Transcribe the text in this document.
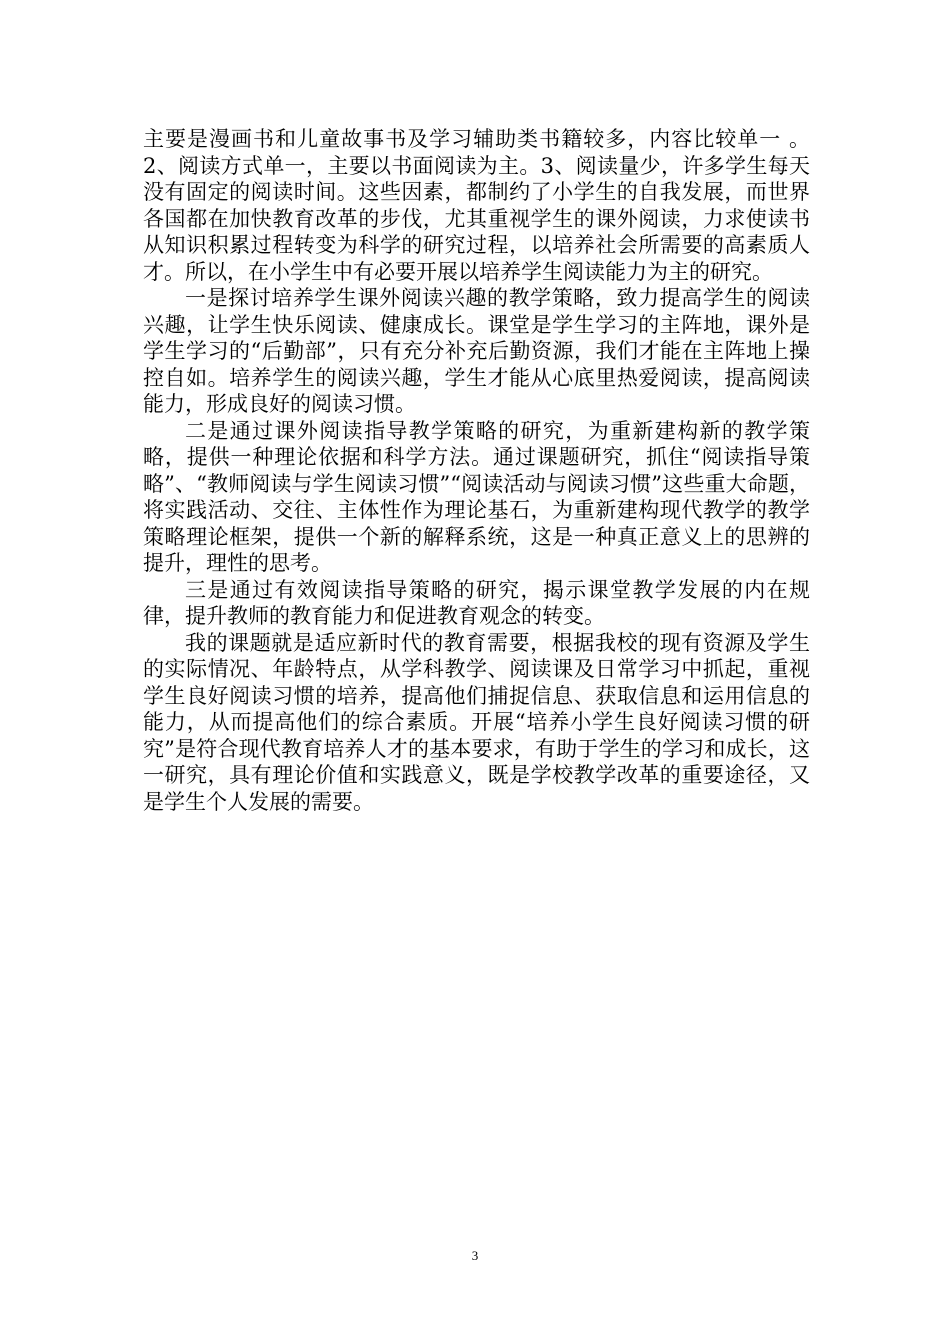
主要是漫画书和儿童故事书及学习辅助类书籍较多，内容比较单一 。2、阅读方式单一，主要以书面阅读为主。3、阅读量少，许多学生每天没有固定的阅读时间。这些因素，都制约了小学生的自我发展，而世界各国都在加快教育改革的步伐，尤其重视学生的课外阅读，力求使读书从知识积累过程转变为科学的研究过程，以培养社会所需要的高素质人才。所以，在小学生中有必要开展以培养学生阅读能力为主的研究。

一是探讨培养学生课外阅读兴趣的教学策略，致力提高学生的阅读兴趣，让学生快乐阅读、健康成长。课堂是学生学习的主阵地，课外是学生学习的“后勤部”，只有充分补充后勤资源，我们才能在主阵地上操控自如。培养学生的阅读兴趣，学生才能从心底里热爱阅读，提高阅读能力，形成良好的阅读习惯。

二是通过课外阅读指导教学策略的研究，为重新建构新的教学策略，提供一种理论依据和科学方法。通过课题研究，抓住“阅读指导策略”、“教师阅读与学生阅读习惯”“阅读活动与阅读习惯”这些重大命题，将实践活动、交往、主体性作为理论基石，为重新建构现代教学的教学策略理论框架，提供一个新的解释系统，这是一种真正意义上的思辨的提升，理性的思考。

三是通过有效阅读指导策略的研究，揭示课堂教学发展的内在规律，提升教师的教育能力和促进教育观念的转变。

我的课题就是适应新时代的教育需要，根据我校的现有资源及学生的实际情况、年龄特点，从学科教学、阅读课及日常学习中抓起，重视学生良好阅读习惯的培养，提高他们捕捉信息、获取信息和运用信息的能力，从而提高他们的综合素质。开展“培养小学生良好阅读习惯的研究”是符合现代教育培养人才的基本要求，有助于学生的学习和成长，这一研究，具有理论价值和实践意义，既是学校教学改革的重要途径，又是学生个人发展的需要。

3
